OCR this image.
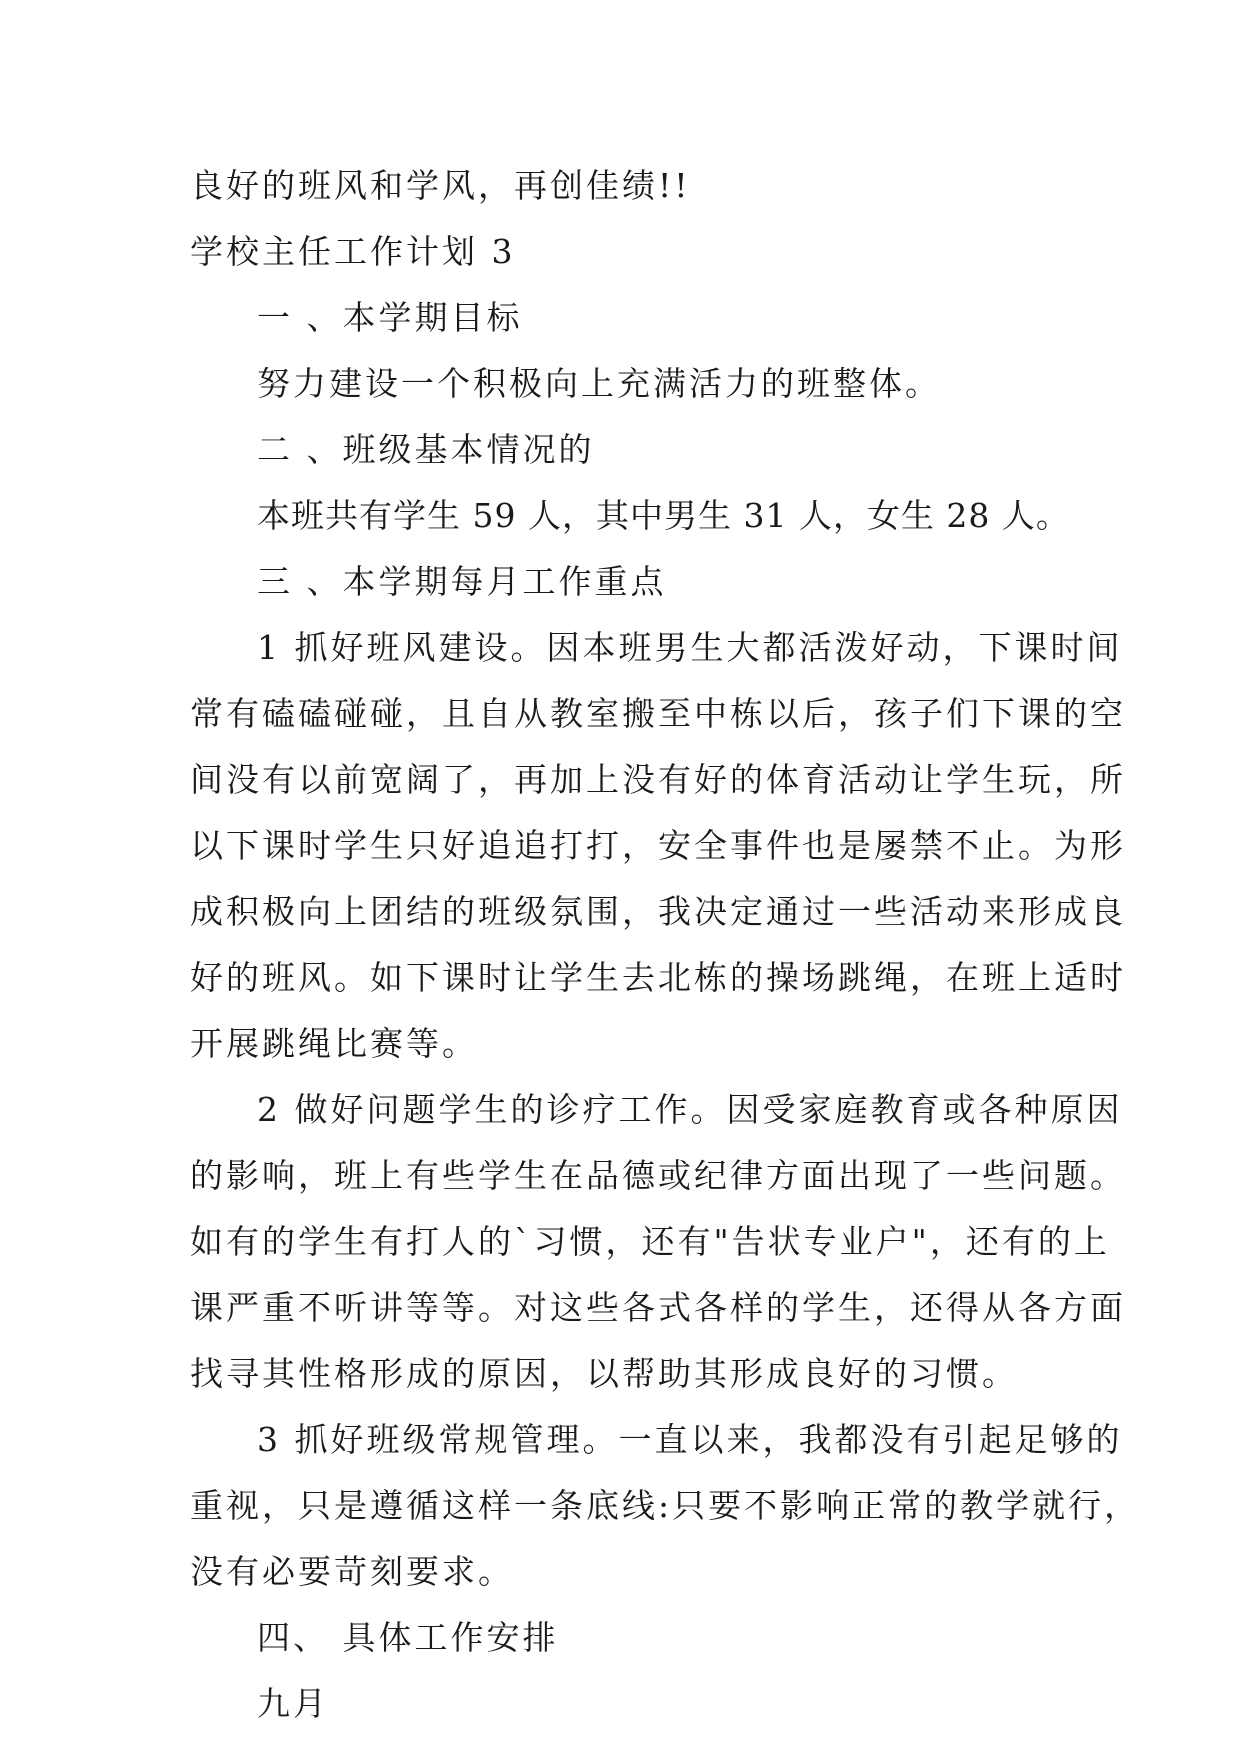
良好的班风和学风，再创佳绩!!

学校主任工作计划 3

一 、本学期目标

努力建设一个积极向上充满活力的班整体。

二 、班级基本情况的

本班共有学生 59 人，其中男生 31 人，女生 28 人。

三 、本学期每月工作重点

1 抓好班风建设。因本班男生大都活泼好动，下课时间

常有磕磕碰碰，且自从教室搬至中栋以后，孩子们下课的空

间没有以前宽阔了，再加上没有好的体育活动让学生玩，所

以下课时学生只好追追打打，安全事件也是屡禁不止。为形

成积极向上团结的班级氛围，我决定通过一些活动来形成良

好的班风。如下课时让学生去北栋的操场跳绳，在班上适时

开展跳绳比赛等。

2 做好问题学生的诊疗工作。因受家庭教育或各种原因

的影响，班上有些学生在品德或纪律方面出现了一些问题。

如有的学生有打人的`习惯，还有"告状专业户"，还有的上

课严重不听讲等等。对这些各式各样的学生，还得从各方面

找寻其性格形成的原因，以帮助其形成良好的习惯。

3 抓好班级常规管理。一直以来，我都没有引起足够的

重视，只是遵循这样一条底线:只要不影响正常的教学就行，

没有必要苛刻要求。

四、 具体工作安排

九月
